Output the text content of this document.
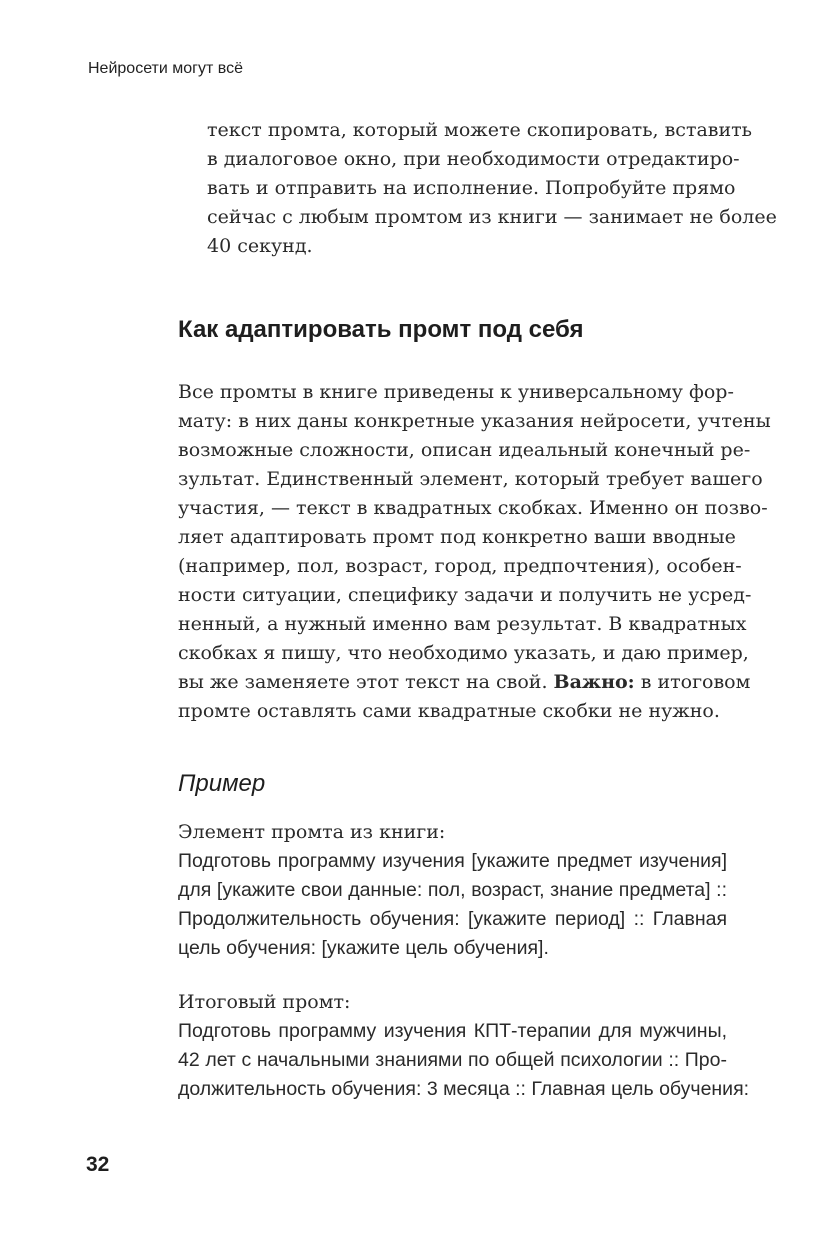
Нейросети могут всё
текст промта, который можете скопировать, вставить
в диалоговое окно, при необходимости отредактиро-
вать и отправить на исполнение. Попробуйте прямо
сейчас с любым промтом из книги — занимает не более
40 секунд.
Как адаптировать промт под себя
Все промты в книге приведены к универсальному фор-
мату: в них даны конкретные указания нейросети, учтены
возможные сложности, описан идеальный конечный ре-
зультат. Единственный элемент, который требует вашего
участия, — текст в квадратных скобках. Именно он позво-
ляет адаптировать промт под конкретно ваши вводные
(например, пол, возраст, город, предпочтения), особен-
ности ситуации, специфику задачи и получить не усред-
ненный, а нужный именно вам результат. В квадратных
скобках я пишу, что необходимо указать, и даю пример,
вы же заменяете этот текст на свой. Важно: в итоговом
промте оставлять сами квадратные скобки не нужно.
Пример
Элемент промта из книги:
Подготовь программу изучения [укажите предмет изучения]
для [укажите свои данные: пол, возраст, знание предмета] ::
Продолжительность обучения: [укажите период] :: Главная
цель обучения: [укажите цель обучения].
Итоговый промт:
Подготовь программу изучения КПТ-терапии для мужчины,
42 лет с начальными знаниями по общей психологии :: Про-
должительность обучения: 3 месяца :: Главная цель обучения:
32
